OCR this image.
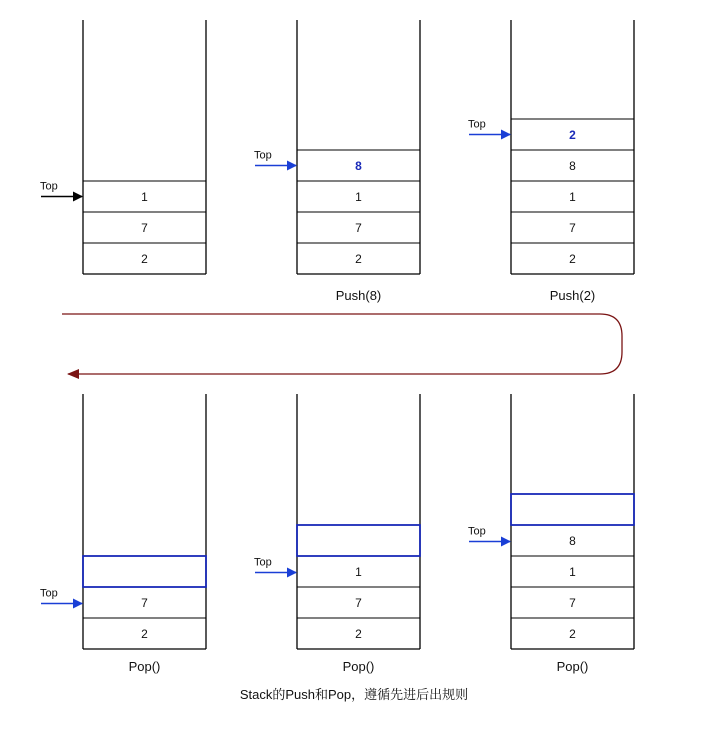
1
7
2
Top
8
1
7
2
Top
Push(8)
2
8
1
7
2
Top
Push(2)
7
2
Top
Pop()
1
7
2
Top
Pop()
8
1
7
2
Top
Pop()
Stack的Push和Pop，遵循先进后出规则
